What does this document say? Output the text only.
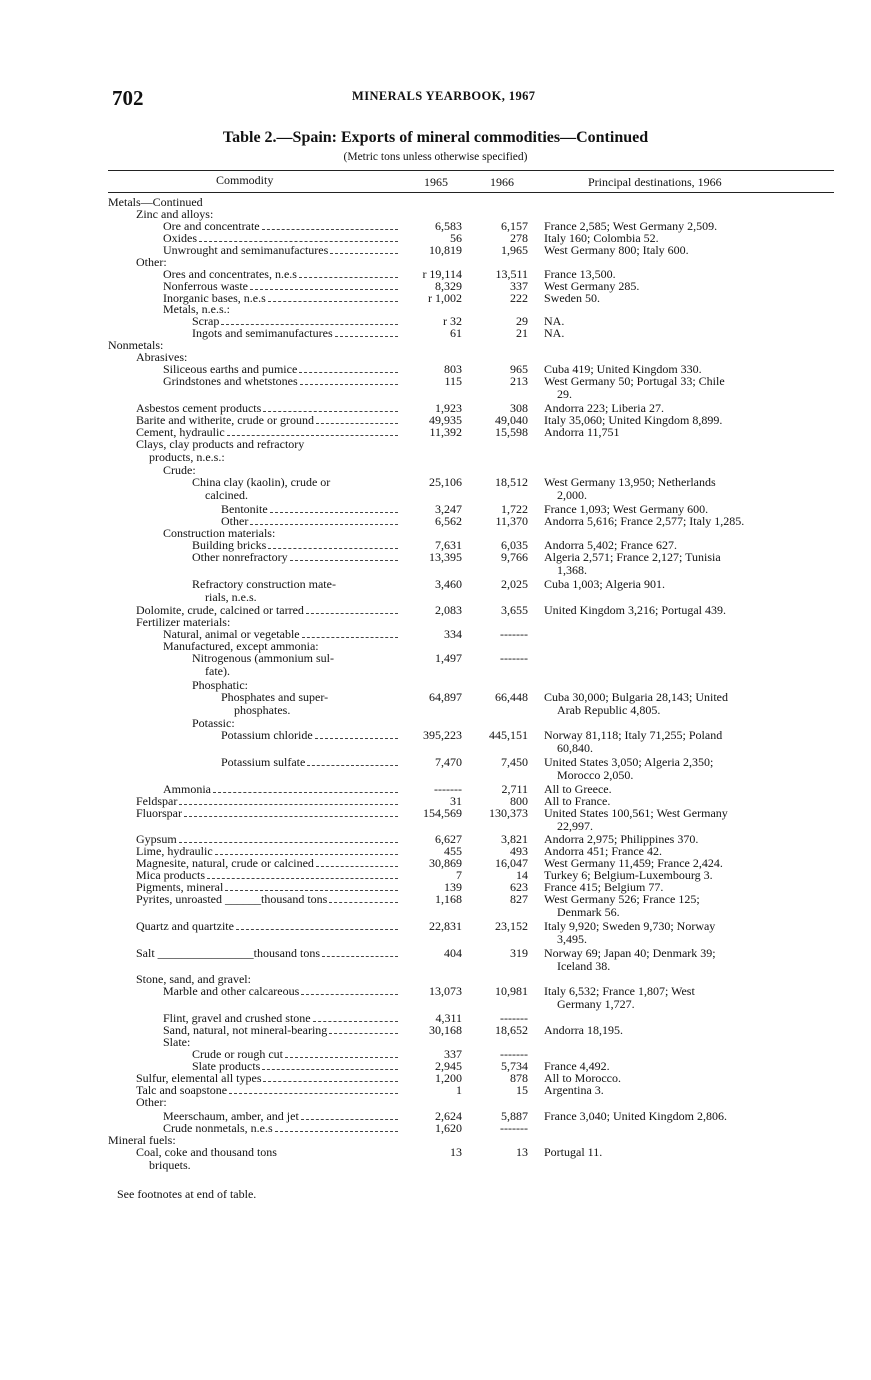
702	MINERALS YEARBOOK, 1967
Table 2.—Spain: Exports of mineral commodities—Continued
(Metric tons unless otherwise specified)
Commodity	1965	1966	Principal destinations, 1966
Metals—Continued
Zinc and alloys:
Ore and concentrate	6,583	6,157 France 2,585; West Germany 2,509.
Oxides	56	278 Italy 160; Colombia 52.
Unwrought and semimanufactures	10,819	1,965 West Germany 800; Italy 600.
Other:
Ores and concentrates, n.e.s	r 19,114	13,511 France 13,500.
Nonferrous waste	8,329	337 West Germany 285.
Inorganic bases, n.e.s	r 1,002	222 Sweden 50.
Metals, n.e.s.:
Scrap	r 32	29 NA.
Ingots and semimanufactures	61	21 NA.
Nonmetals:
Abrasives:
Siliceous earths and pumice	803	965 Cuba 419; United Kingdom 330.
Grindstones and whetstones	115	213 West Germany 50; Portugal 33; Chile
29.
Asbestos cement products	1,923	308 Andorra 223; Liberia 27.
Barite and witherite, crude or ground	49,935	49,040 Italy 35,060; United Kingdom 8,899.
Cement, hydraulic	11,392	15,598 Andorra 11,751
Clays, clay products and refractory
products, n.e.s.:
Crude:
China clay (kaolin), crude or
calcined.
25,106	18,512 West Germany 13,950; Netherlands
2,000.
Bentonite	3,247	1,722 France 1,093; West Germany 600.
Other	6,562	11,370 Andorra 5,616; France 2,577; Italy 1,285.
Construction materials:
Building bricks	7,631	6,035 Andorra 5,402; France 627.
Other nonrefractory	13,395	9,766 Algeria 2,571; France 2,127; Tunisia
1,368.
Refractory construction mate-
rials, n.e.s.
3,460	2,025 Cuba 1,003; Algeria 901.
Dolomite, crude, calcined or tarred	2,083	3,655 United Kingdom 3,216; Portugal 439.
Fertilizer materials:
Natural, animal or vegetable	334	-------
Manufactured, except ammonia:
Nitrogenous (ammonium sul-
fate).
1,497	-------
Phosphatic:
Phosphates and super-
phosphates.
64,897	66,448 Cuba 30,000; Bulgaria 28,143; United
Arab Republic 4,805.
Potassic:
Potassium chloride	395,223	445,151 Norway 81,118; Italy 71,255; Poland
60,840.
Potassium sulfate	7,470	7,450 United States 3,050; Algeria 2,350;
Morocco 2,050.
Ammonia	-------	2,711 All to Greece.
Feldspar	31	800 All to France.
Fluorspar	154,569	130,373 United States 100,561; West Germany
22,997.
Gypsum	6,627	3,821 Andorra 2,975; Philippines 370.
Lime, hydraulic	455	493 Andorra 451; France 42.
Magnesite, natural, crude or calcined	30,869	16,047 West Germany 11,459; France 2,424.
Mica products	7	14 Turkey 6; Belgium-Luxembourg 3.
Pigments, mineral	139	623 France 415; Belgium 77.
Pyrites, unroasted ______thousand tons	1,168	827 West Germany 526; France 125;
Denmark 56.
Quartz and quartzite	22,831	23,152 Italy 9,920; Sweden 9,730; Norway
3,495.
Salt ________________thousand tons	404	319 Norway 69; Japan 40; Denmark 39;
Iceland 38.
Stone, sand, and gravel:
Marble and other calcareous	13,073	10,981 Italy 6,532; France 1,807; West
Germany 1,727.
Flint, gravel and crushed stone	4,311	-------
Sand, natural, not mineral-bearing	30,168	18,652 Andorra 18,195.
Slate:
Crude or rough cut	337	-------
Slate products	2,945	5,734 France 4,492.
Sulfur, elemental all types	1,200	878 All to Morocco.
Talc and soapstone	1	15 Argentina 3.
Other:
Meerschaum, amber, and jet	2,624	5,887 France 3,040; United Kingdom 2,806.
Crude nonmetals, n.e.s	1,620	-------
Mineral fuels:
Coal, coke and thousand tons
briquets.
13	13 Portugal 11.
See footnotes at end of table.
